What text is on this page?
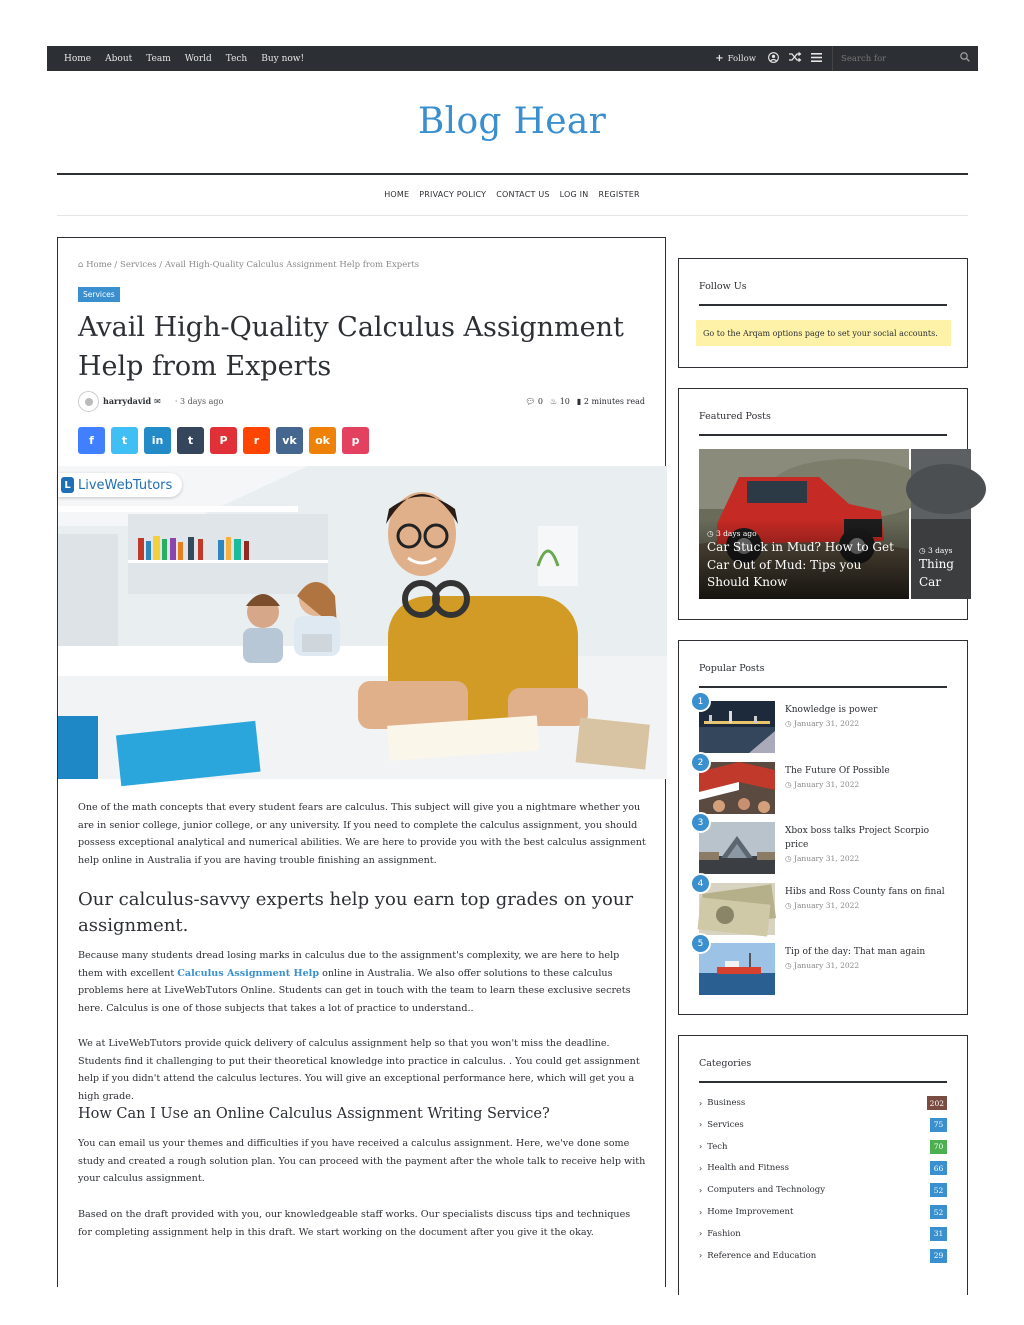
Home About Team World Tech Buy now!	+ Follow	Search for
Blog Hear
HOME PRIVACY POLICY CONTACT US LOG IN REGISTER
⌂ Home / Services / Avail High-Quality Calculus Assignment Help from Experts
Services
Avail High-Quality Calculus Assignment Help from Experts
harrydavid ✉ · 3 days ago	💬︎ 0 ♨ 10 ▮ 2 minutes read
f	t in t P r vk ok p
L LiveWebTutors

One of the math concepts that every student fears are calculus. This subject will give you a nightmare whether you are in senior college, junior college, or any university. If you need to complete the calculus assignment, you should possess exceptional analytical and numerical abilities. We are here to provide you with the best calculus assignment help online in Australia if you are having trouble finishing an assignment.

Our calculus-savvy experts help you earn top grades on your assignment.

Because many students dread losing marks in calculus due to the assignment's complexity, we are here to help them with excellent Calculus Assignment Help online in Australia. We also offer solutions to these calculus problems here at LiveWebTutors Online. Students can get in touch with the team to learn these exclusive secrets here. Calculus is one of those subjects that takes a lot of practice to understand..

We at LiveWebTutors provide quick delivery of calculus assignment help so that you won't miss the deadline. Students find it challenging to put their theoretical knowledge into practice in calculus. . You could get assignment help if you didn't attend the calculus lectures. You will give an exceptional performance here, which will get you a high grade.

How Can I Use an Online Calculus Assignment Writing Service?

You can email us your themes and difficulties if you have received a calculus assignment. Here, we've done some study and created a rough solution plan. You can proceed with the payment after the whole talk to receive help with your calculus assignment.

Based on the draft provided with you, our knowledgeable staff works. Our specialists discuss tips and techniques for completing assignment help in this draft. We start working on the document after you give it the okay.

Follow Us
Go to the Arqam options page to set your social accounts.
Featured Posts
◷ 3 days ago
Car Stuck in Mud? How to Get Car Out of Mud: Tips you Should Know
◷ 3 days
Thing Car
Popular Posts
1
Knowledge is power
◷ January 31, 2022
2
The Future Of Possible
◷ January 31, 2022
3
Xbox boss talks Project Scorpio price
◷ January 31, 2022
4
Hibs and Ross County fans on final
◷ January 31, 2022
5
Tip of the day: That man again
◷ January 31, 2022
Categories
› Business	202
› Services	75
› Tech	70
› Health and Fitness	66
› Computers and Technology	52
› Home Improvement	52
› Fashion	31
› Reference and Education	29
